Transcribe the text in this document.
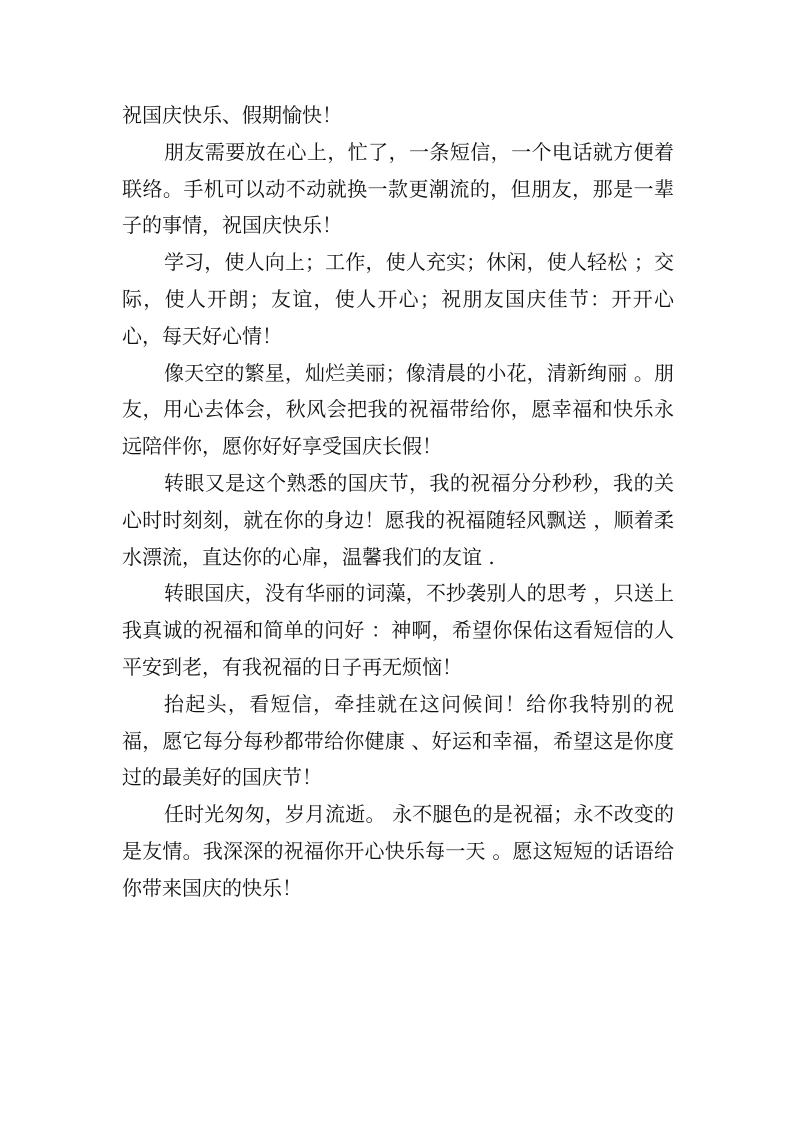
祝国庆快乐、假期愉快！

朋友需要放在心上，忙了，一条短信，一个电话就方便着联络。手机可以动不动就换一款更潮流的，但朋友，那是一辈子的事情，祝国庆快乐！

学习，使人向上；工作，使人充实；休闲，使人轻松 ；交际，使人开朗；友谊，使人开心；祝朋友国庆佳节：开开心心，每天好心情！

像天空的繁星，灿烂美丽；像清晨的小花，清新绚丽 。朋友，用心去体会，秋风会把我的祝福带给你，愿幸福和快乐永远陪伴你，愿你好好享受国庆长假！

转眼又是这个熟悉的国庆节，我的祝福分分秒秒，我的关心时时刻刻，就在你的身边！愿我的祝福随轻风飘送 ，顺着柔水漂流，直达你的心扉，温馨我们的友谊 .

转眼国庆，没有华丽的词藻，不抄袭别人的思考 ，只送上我真诚的祝福和简单的问好 ：神啊，希望你保佑这看短信的人平安到老，有我祝福的日子再无烦恼！

抬起头，看短信，牵挂就在这问候间！给你我特别的祝福，愿它每分每秒都带给你健康 、好运和幸福，希望这是你度过的最美好的国庆节！

任时光匆匆，岁月流逝。 永不腿色的是祝福；永不改变的是友情。我深深的祝福你开心快乐每一天 。愿这短短的话语给你带来国庆的快乐！
